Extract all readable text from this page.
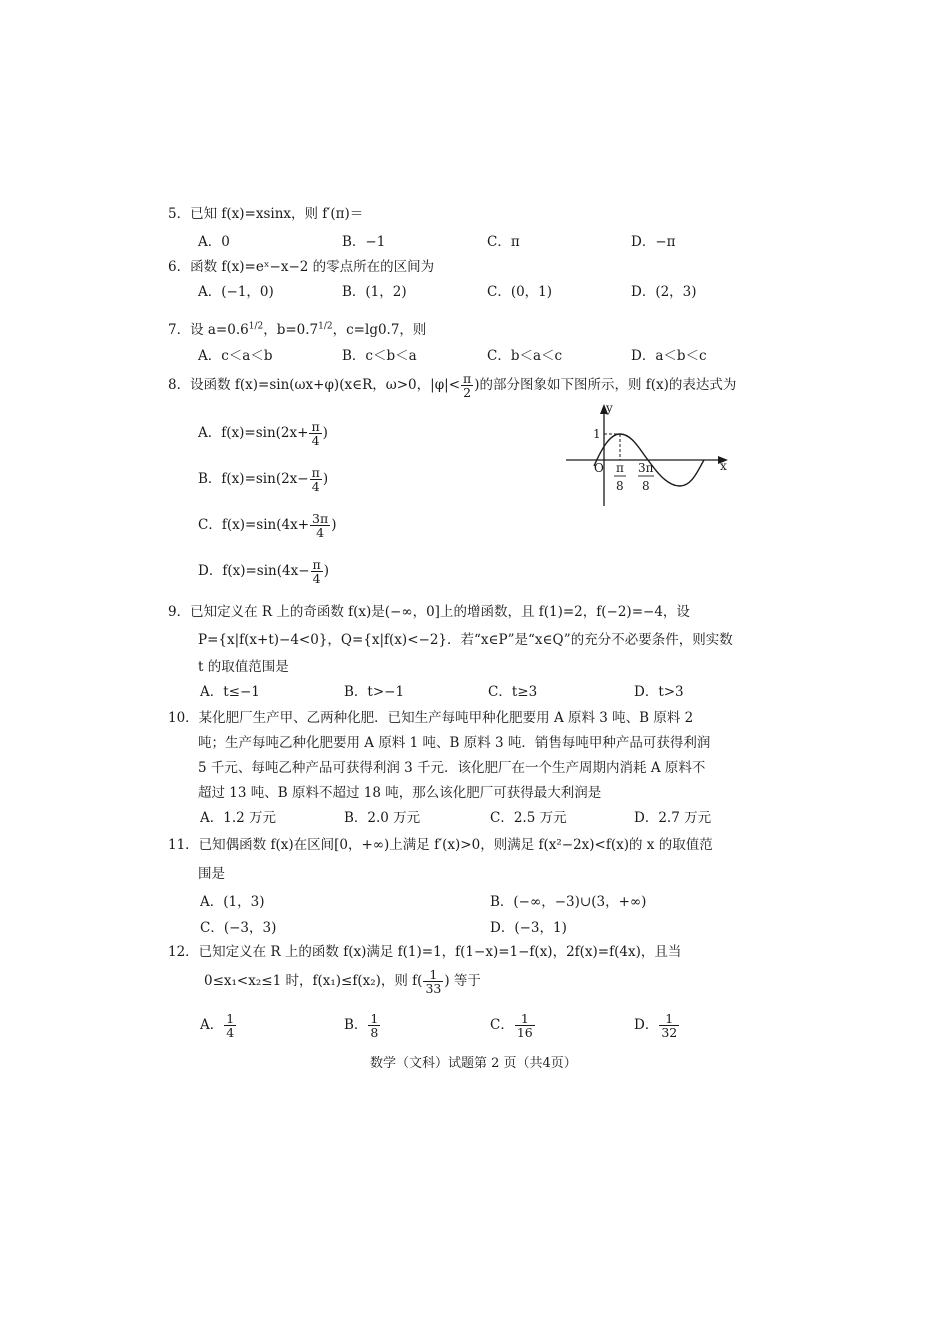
5．已知 f(x)=xsinx，则 f′(π)＝
A．0	B．−1	C．π	D．−π
6．函数 f(x)=eˣ−x−2 的零点所在的区间为
A．(−1，0)	B．(1，2)	C．(0，1)	D．(2，3)
7．设 $a=0.6^{1/2}$，$b=0.7^{1/2}$，c=lg0.7，则
A．c＜a＜b	B．c＜b＜a	C．b＜a＜c	D．a＜b＜c
8．设函数 f(x)=sin(ωx+φ)(x∈R，ω>0，$|\varphi|< \frac{\pi}{2}$ )的部分图象如下图所示，则 f(x)的表达式为
A．$f(x)=\sin(2x+ \frac{\pi}{4}$ )
B．$f(x)=\sin(2x- \frac{\pi}{4}$ )
C．$f(x)=\sin(4x+ \frac{3\pi}{4}$ )
D．$f(x)=\sin(4x- \frac{\pi}{4}$ )
y
x
O
1
π
8
3π
8
9．已知定义在 R 上的奇函数 f(x)是(−∞，0]上的增函数，且 f(1)=2，f(−2)=−4，设
P={x|f(x+t)−4<0}，Q={x|f(x)<−2}．若“x∈P”是“x∈Q”的充分不必要条件，则实数
t 的取值范围是
A．t≤−1	B．t>−1	C．t≥3	D．t>3
10．某化肥厂生产甲、乙两种化肥．已知生产每吨甲种化肥要用 A 原料 3 吨、B 原料 2
吨；生产每吨乙种化肥要用 A 原料 1 吨、B 原料 3 吨．销售每吨甲种产品可获得利润
5 千元、每吨乙种产品可获得利润 3 千元．该化肥厂在一个生产周期内消耗 A 原料不
超过 13 吨、B 原料不超过 18 吨，那么该化肥厂可获得最大利润是
A．1.2 万元	B．2.0 万元	C．2.5 万元	D．2.7 万元
11．已知偶函数 f(x)在区间[0，+∞)上满足 f′(x)>0，则满足 f(x²−2x)<f(x)的 x 的取值范
围是
A．(1，3)	B．(−∞，−3)∪(3，+∞)
C．(−3，3)	D．(−3，1)
12．已知定义在 R 上的函数 f(x)满足 f(1)=1，f(1−x)=1−f(x)，2f(x)=f(4x)，且当
0≤x₁<x₂≤1 时，f(x₁)≤f(x₂)，则 $f( \frac{1}{33}$ ) 等于
A． $\frac{1}{4}$	B． $\frac{1}{8}$	C． $\frac{1}{16}$	D． $\frac{1}{32}$
数学（文科）试题第 2 页（共4页）
